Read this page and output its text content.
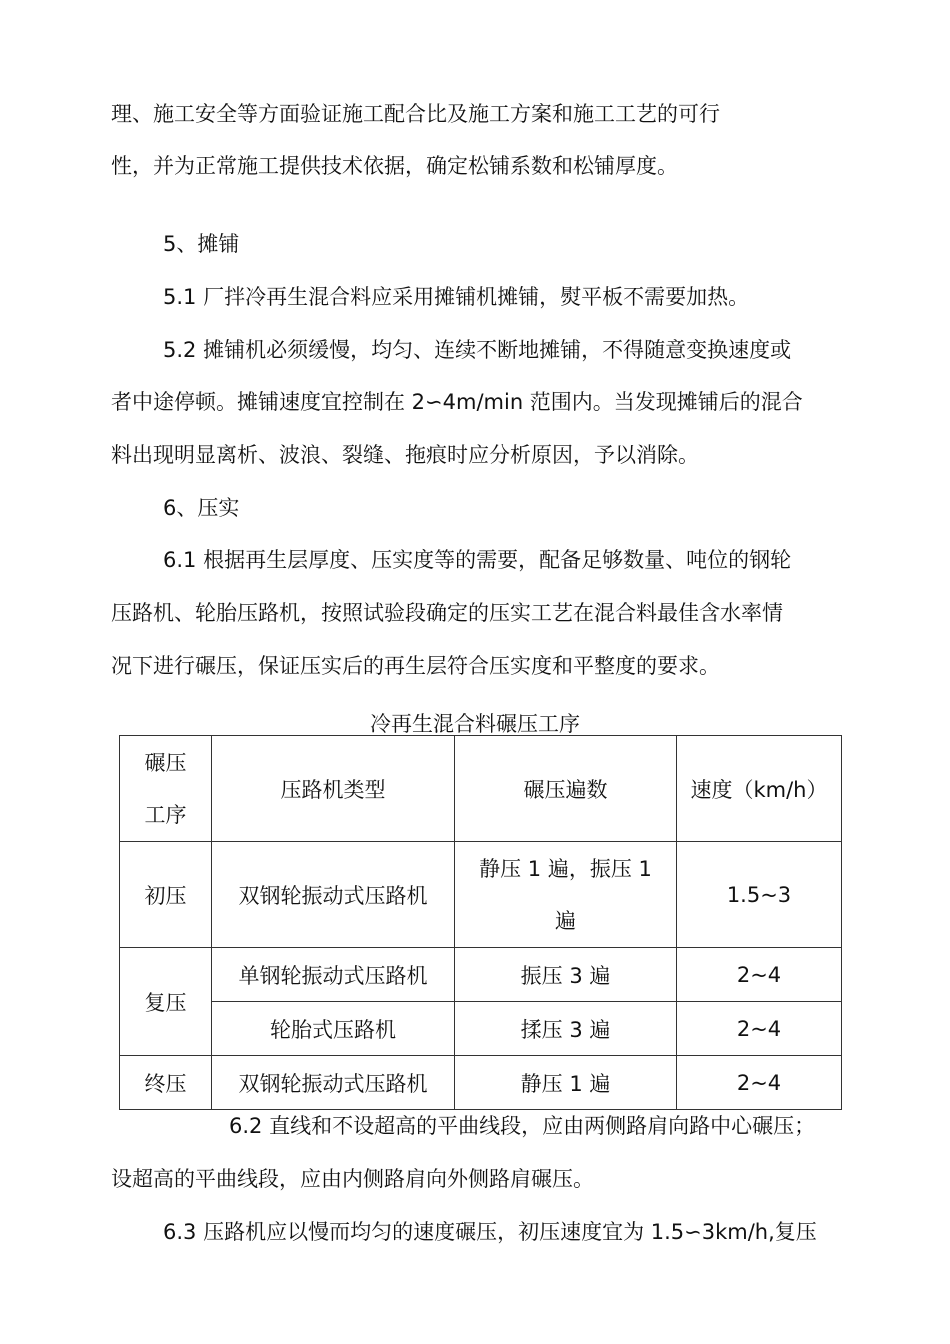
理、施工安全等方面验证施工配合比及施工方案和施工工艺的可行
性，并为正常施工提供技术依据，确定松铺系数和松铺厚度。
5、摊铺
5.1 厂拌冷再生混合料应采用摊铺机摊铺，熨平板不需要加热。
5.2 摊铺机必须缓慢，均匀、连续不断地摊铺，不得随意变换速度或
者中途停顿。摊铺速度宜控制在 2∽4m/min 范围内。当发现摊铺后的混合
料出现明显离析、波浪、裂缝、拖痕时应分析原因，予以消除。
6、压实
6.1 根据再生层厚度、压实度等的需要，配备足够数量、吨位的钢轮
压路机、轮胎压路机，按照试验段确定的压实工艺在混合料最佳含水率情
况下进行碾压，保证压实后的再生层符合压实度和平整度的要求。
冷再生混合料碾压工序
碾压
工序	压路机类型	碾压遍数	速度（km/h）
初压	双钢轮振动式压路机	静压 1 遍，振压 1
遍	1.5~3
复压	单钢轮振动式压路机	振压 3 遍	2~4
	轮胎式压路机	揉压 3 遍	2~4
终压	双钢轮振动式压路机	静压 1 遍	2~4
6.2 直线和不设超高的平曲线段，应由两侧路肩向路中心碾压；
设超高的平曲线段，应由内侧路肩向外侧路肩碾压。
6.3 压路机应以慢而均匀的速度碾压，初压速度宜为 1.5∽3km/h,复压
